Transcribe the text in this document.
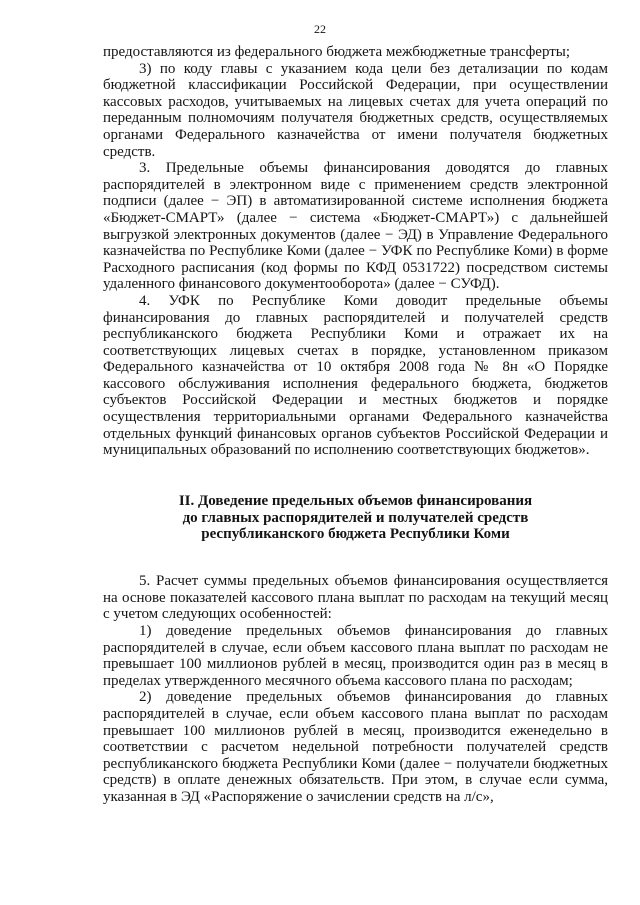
22

предоставляются из федерального бюджета межбюджетные трансферты;

3) по коду главы с указанием кода цели без детализации по кодам бюджетной классификации Российской Федерации, при осуществлении кассовых расходов, учитываемых на лицевых счетах для учета операций по переданным полномочиям получателя бюджетных средств, осуществляемых органами Федерального казначейства от имени получателя бюджетных средств.

3. Предельные объемы финансирования доводятся до главных распорядителей в электронном виде с применением средств электронной подписи (далее − ЭП) в автоматизированной системе исполнения бюджета «Бюджет-СМАРТ» (далее − система «Бюджет-СМАРТ») с дальнейшей выгрузкой электронных документов (далее − ЭД) в Управление Федерального казначейства по Республике Коми (далее − УФК по Республике Коми) в форме Расходного расписания (код формы по КФД 0531722) посредством системы удаленного финансового документооборота» (далее − СУФД).

4. УФК по Республике Коми доводит предельные объемы финансирования до главных распорядителей и получателей средств республиканского бюджета Республики Коми и отражает их на соответствующих лицевых счетах в порядке, установленном приказом Федерального казначейства от 10 октября 2008 года № 8н «О Порядке кассового обслуживания исполнения федерального бюджета, бюджетов субъектов Российской Федерации и местных бюджетов и порядке осуществления территориальными органами Федерального казначейства отдельных функций финансовых органов субъектов Российской Федерации и муниципальных образований по исполнению соответствующих бюджетов».

II. Доведение предельных объемов финансирования
до главных распорядителей и получателей средств
республиканского бюджета Республики Коми

5. Расчет суммы предельных объемов финансирования осуществляется на основе показателей кассового плана выплат по расходам на текущий месяц с учетом следующих особенностей:

1) доведение предельных объемов финансирования до главных распорядителей в случае, если объем кассового плана выплат по расходам не превышает 100 миллионов рублей в месяц, производится один раз в месяц в пределах утвержденного месячного объема кассового плана по расходам;

2) доведение предельных объемов финансирования до главных распорядителей в случае, если объем кассового плана выплат по расходам превышает 100 миллионов рублей в месяц, производится еженедельно в соответствии с расчетом недельной потребности получателей средств республиканского бюджета Республики Коми (далее − получатели бюджетных средств) в оплате денежных обязательств. При этом, в случае если сумма, указанная в ЭД «Распоряжение о зачислении средств на л/с»,
